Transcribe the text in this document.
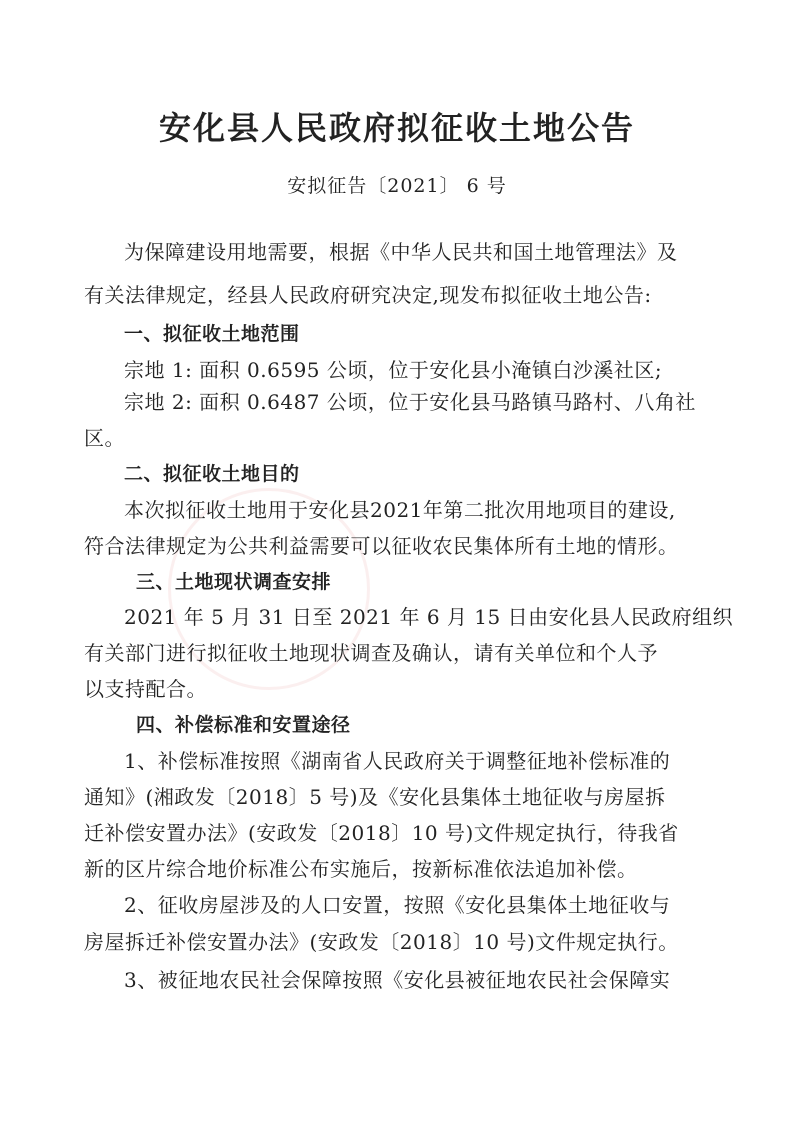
安化县人民政府拟征收土地公告
安拟征告〔2021〕 6 号
为保障建设用地需要，根据《中华人民共和国土地管理法》及
有关法律规定，经县人民政府研究决定,现发布拟征收土地公告:
一、拟征收土地范围
宗地 1: 面积 0.6595 公顷，位于安化县小淹镇白沙溪社区;
宗地 2: 面积 0.6487 公顷，位于安化县马路镇马路村、八角社
区。
二、拟征收土地目的
本次拟征收土地用于安化县2021年第二批次用地项目的建设,
符合法律规定为公共利益需要可以征收农民集体所有土地的情形。
三、土地现状调查安排
2021 年 5 月 31 日至 2021 年 6 月 15 日由安化县人民政府组织
有关部门进行拟征收土地现状调查及确认，请有关单位和个人予
以支持配合。
四、补偿标准和安置途径
1、补偿标准按照《湖南省人民政府关于调整征地补偿标准的
通知》(湘政发〔2018〕5 号)及《安化县集体土地征收与房屋拆
迁补偿安置办法》(安政发〔2018〕10 号)文件规定执行，待我省
新的区片综合地价标准公布实施后，按新标准依法追加补偿。
2、征收房屋涉及的人口安置，按照《安化县集体土地征收与
房屋拆迁补偿安置办法》(安政发〔2018〕10 号)文件规定执行。
3、被征地农民社会保障按照《安化县被征地农民社会保障实
